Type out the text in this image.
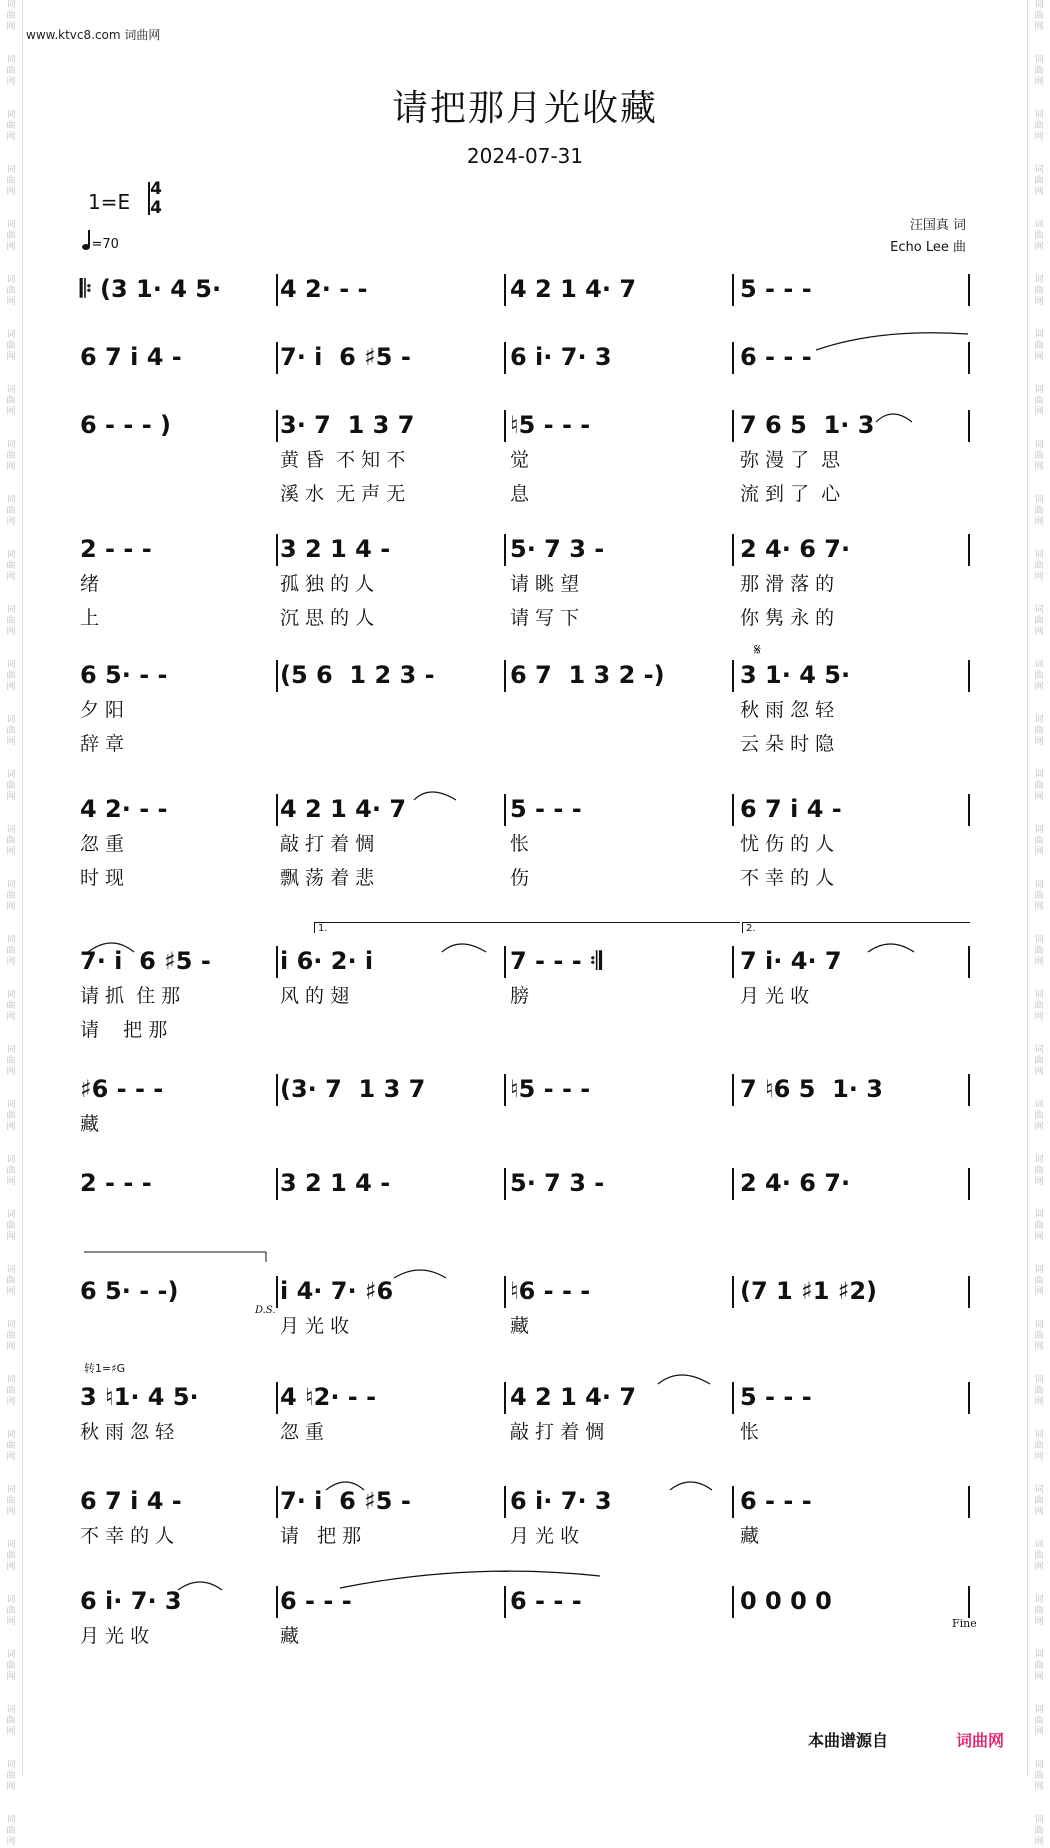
词
曲
网
词
曲
网
词
曲
网
词
曲
网
词
曲
网
词
曲
网
词
曲
网
词
曲
网
词
曲
网
词
曲
网
词
曲
网
词
曲
网
词
曲
网
词
曲
网
词
曲
网
词
曲
网
词
曲
网
词
曲
网
词
曲
网
词
曲
网
词
曲
网
词
曲
网
词
曲
网
词
曲
网
词
曲
网
词
曲
网
词
曲
网
词
曲
网
词
曲
网
词
曲
网
词
曲
网
词
曲
网
词
曲
网
词
曲
网
词
曲
网
词
曲
网
词
曲
网
词
曲
网
词
曲
网
词
曲
网
词
曲
网
词
曲
网
词
曲
网
词
曲
网
词
曲
网
词
曲
网
词
曲
网
词
曲
网
词
曲
网
词
曲
网
词
曲
网
词
曲
网
词
曲
网
词
曲
网
词
曲
网
词
曲
网
词
曲
网
词
曲
网
词
曲
网
词
曲
网
词
曲
网
词
曲
网
词
曲
网
词
曲
网
词
曲
网
词
曲
网
词
曲
网
词
曲
网
www.ktvc8.com 词曲网
请把那月光收藏
2024-07-31
1=E
4
4
=70
汪国真 词
Echo Lee 曲
𝄆 (3 1· 4 5· 4 2· - -	4 2 1 4· 7	5 - - -
6 7 i 4 -	7· i  6 ♯5 -	6 i· 7· 3	6 - - -
6 - - - )	3· 7  1 3 7	♮5 - - -	7 6 5  1· 3
黄 昏  不 知 不	觉	弥 漫 了  思
溪 水  无 声 无	息	流 到 了  心
2 - - -	3 2 1 4 -	5· 7 3 -	2 4· 6 7·
绪	孤 独 的 人	请 眺 望	那 滑 落 的
上	沉 思 的 人	请 写 下	你 隽 永 的
6 5· - -	(5 6  1 2 3 -	6 7  1 3 2 -)	3 1· 4 5·
夕 阳	秋 雨 忽 轻
辞 章	云 朵 时 隐
4 2· - -	4 2 1 4· 7	5 - - -	6 7 i 4 -
忽 重	敲 打 着 惆	怅	忧 伤 的 人
时 现	飘 荡 着 悲	伤	不 幸 的 人
7· i  6 ♯5 -	i 6· 2· i	7 - - - 𝄇	7 i· 4· 7
请 抓  住 那	风 的 翅	膀	月 光 收
请    把 那
♯6 - - -	(3· 7  1 3 7	♮5 - - -	7 ♮6 5  1· 3
藏
2 - - -	3 2 1 4 -	5· 7 3 -	2 4· 6 7·
6 5· - -)	i 4· 7· ♯6	♮6 - - -	(7 1 ♯1 ♯2)
月 光 收	藏
3 ♮1· 4 5·	4 ♮2· - -	4 2 1 4· 7	5 - - -
秋 雨 忽 轻	忽 重	敲 打 着 惆	怅
6 7 i 4 -	7· i  6 ♯5 -	6 i· 7· 3	6 - - -
不 幸 的 人	请   把 那	月 光 收	藏
6 i· 7· 3	6 - - -	6 - - -	0 0 0 0
月 光 收	藏
𝄋
1.	2.
D.S.
转1=♯G
Fine
本曲谱源自	词曲网
